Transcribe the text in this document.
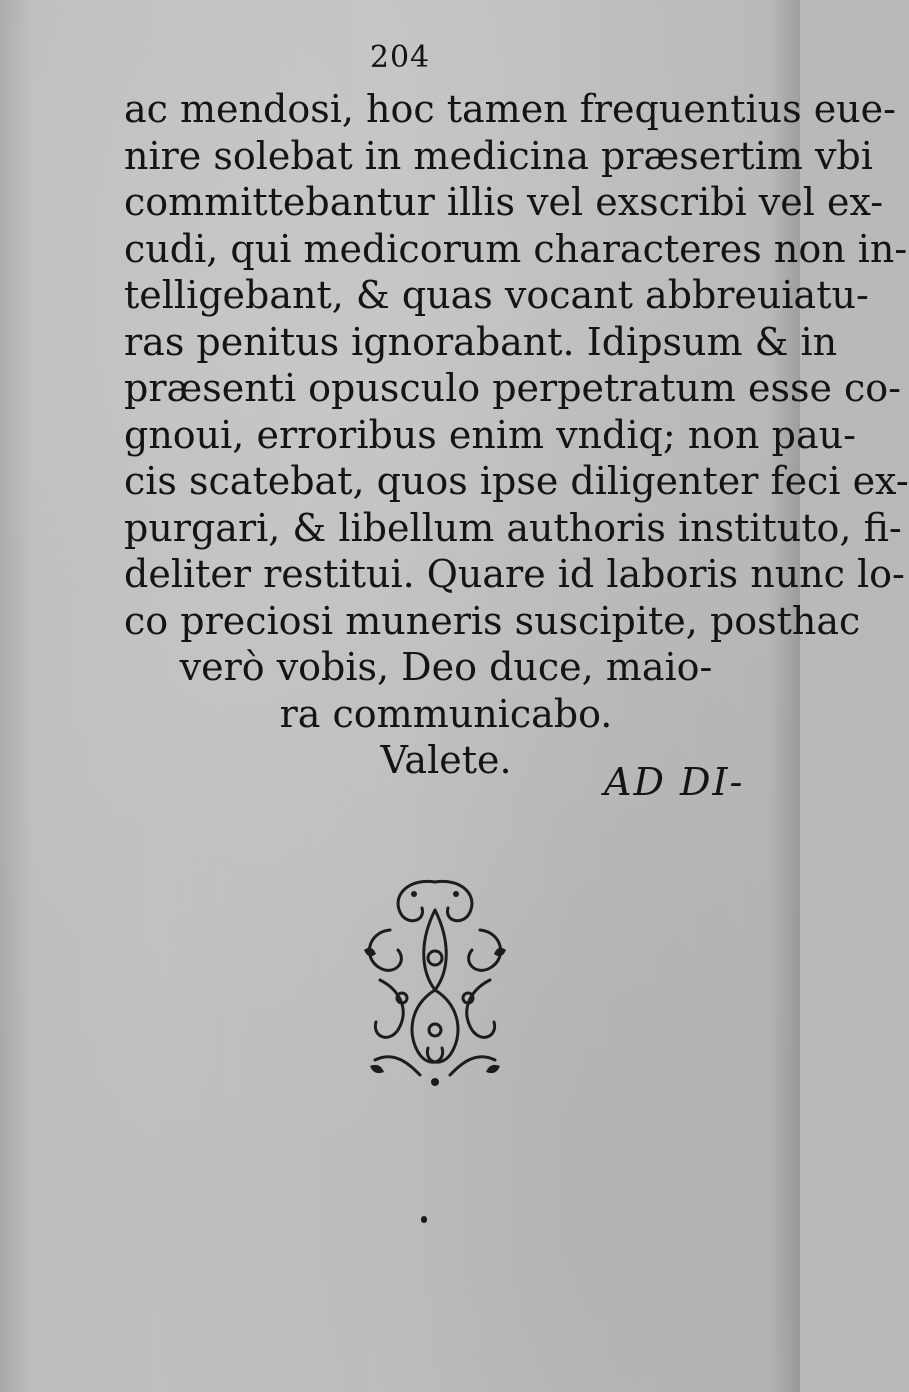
204
ac mendosi, hoc tamen frequentius eue-
nire solebat in medicina præsertim vbi
committebantur illis vel exscribi vel ex-
cudi, qui medicorum characteres non in-
telligebant, & quas vocant abbreuiatu-
ras penitus ignorabant. Idipsum & in
præsenti opusculo perpetratum esse co-
gnoui, erroribus enim vndiq; non pau-
cis scatebat, quos ipse diligenter feci ex-
purgari, & libellum authoris instituto, fi-
deliter restitui. Quare id laboris nunc lo-
co preciosi muneris suscipite, posthac
verò vobis, Deo duce, maio-
ra communicabo.
Valete.	AD DI-
